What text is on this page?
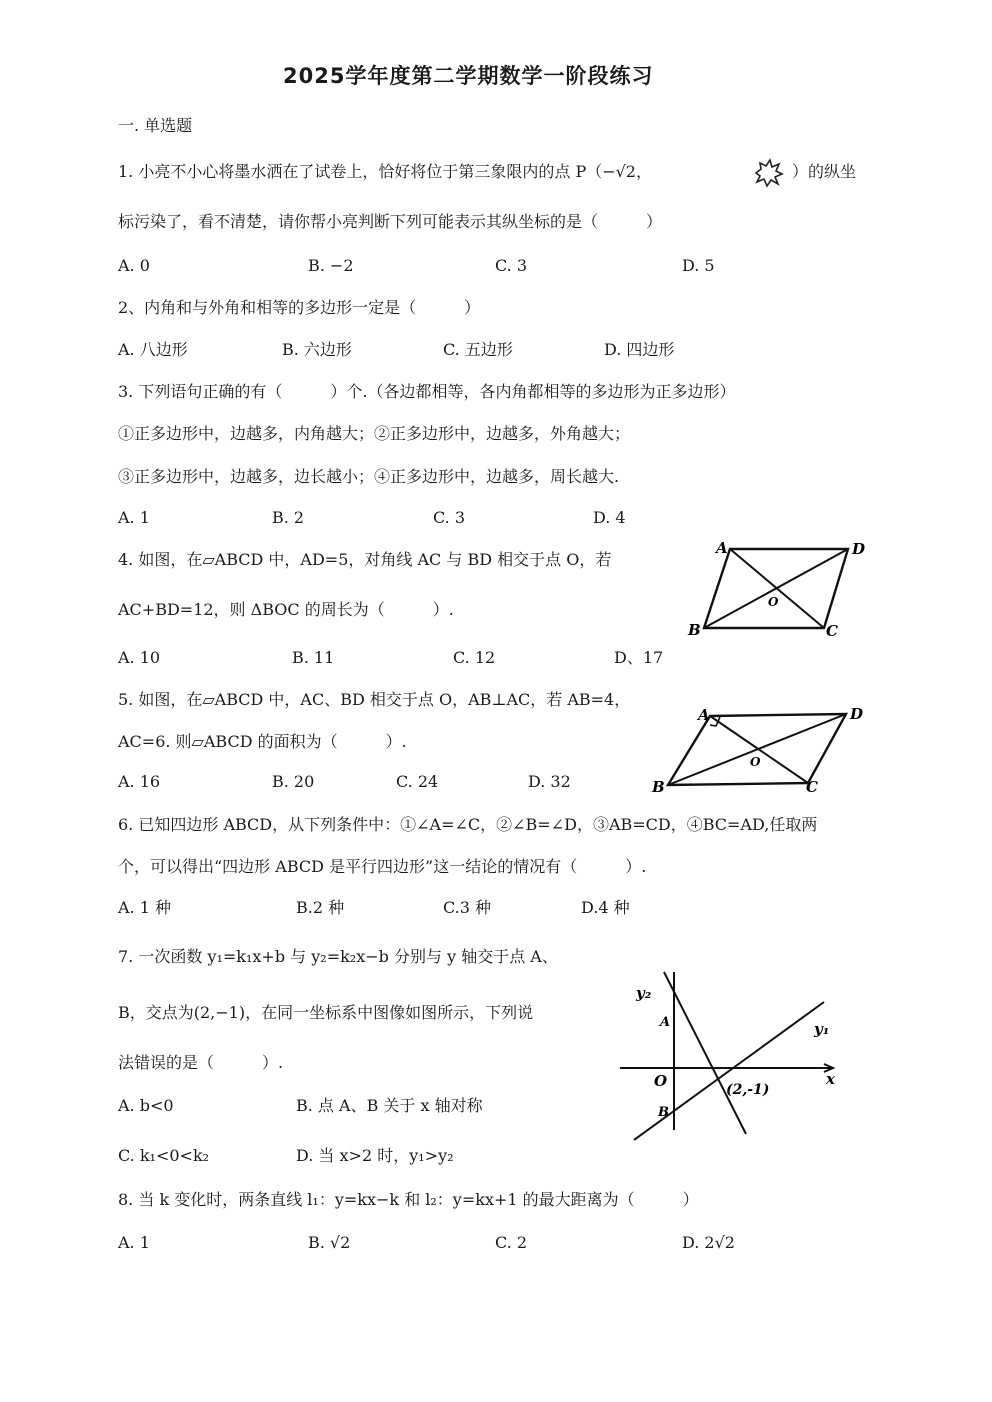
2025学年度第二学期数学一阶段练习
一. 单选题
1. 小亮不小心将墨水洒在了试卷上，恰好将位于第三象限内的点 P（−√2，	）的纵坐
标污染了，看不清楚，请你帮小亮判断下列可能表示其纵坐标的是（　　　）
A. 0	B. −2	C. 3	D. 5
2、内角和与外角和相等的多边形一定是（　　　）
A. 八边形	B. 六边形	C. 五边形	D. 四边形
3. 下列语句正确的有（　　　）个.（各边都相等，各内角都相等的多边形为正多边形）
①正多边形中，边越多，内角越大；②正多边形中，边越多，外角越大；
③正多边形中，边越多，边长越小；④正多边形中，边越多，周长越大.
A. 1	B. 2	C. 3	D. 4
4. 如图，在▱ABCD 中，AD=5，对角线 AC 与 BD 相交于点 O，若
AC+BD=12，则 ΔBOC 的周长为（　　　）.
A. 10	B. 11	C. 12	D、17
A	D
B	C
O
5. 如图，在▱ABCD 中，AC、BD 相交于点 O，AB⊥AC，若 AB=4，
AC=6. 则▱ABCD 的面积为（　　　）.
A. 16	B. 20	C. 24	D. 32
A	D
B	C
O
6. 已知四边形 ABCD，从下列条件中：①∠A=∠C，②∠B=∠D，③AB=CD，④BC=AD,任取两
个，可以得出“四边形 ABCD 是平行四边形”这一结论的情况有（　　　）.
A. 1 种	B.2 种	C.3 种	D.4 种
7. 一次函数 y₁=k₁x+b 与 y₂=k₂x−b 分别与 y 轴交于点 A、
B，交点为(2,−1)，在同一坐标系中图像如图所示，下列说
法错误的是（　　　）.
A. b<0	B. 点 A、B 关于 x 轴对称
C. k₁<0<k₂	D. 当 x>2 时，y₁>y₂
y₂
y₁
A
B
O	x
(2,-1)
8. 当 k 变化时，两条直线 l₁：y=kx−k 和 l₂：y=kx+1 的最大距离为（　　　）
A. 1	B. √2	C. 2	D. 2√2
